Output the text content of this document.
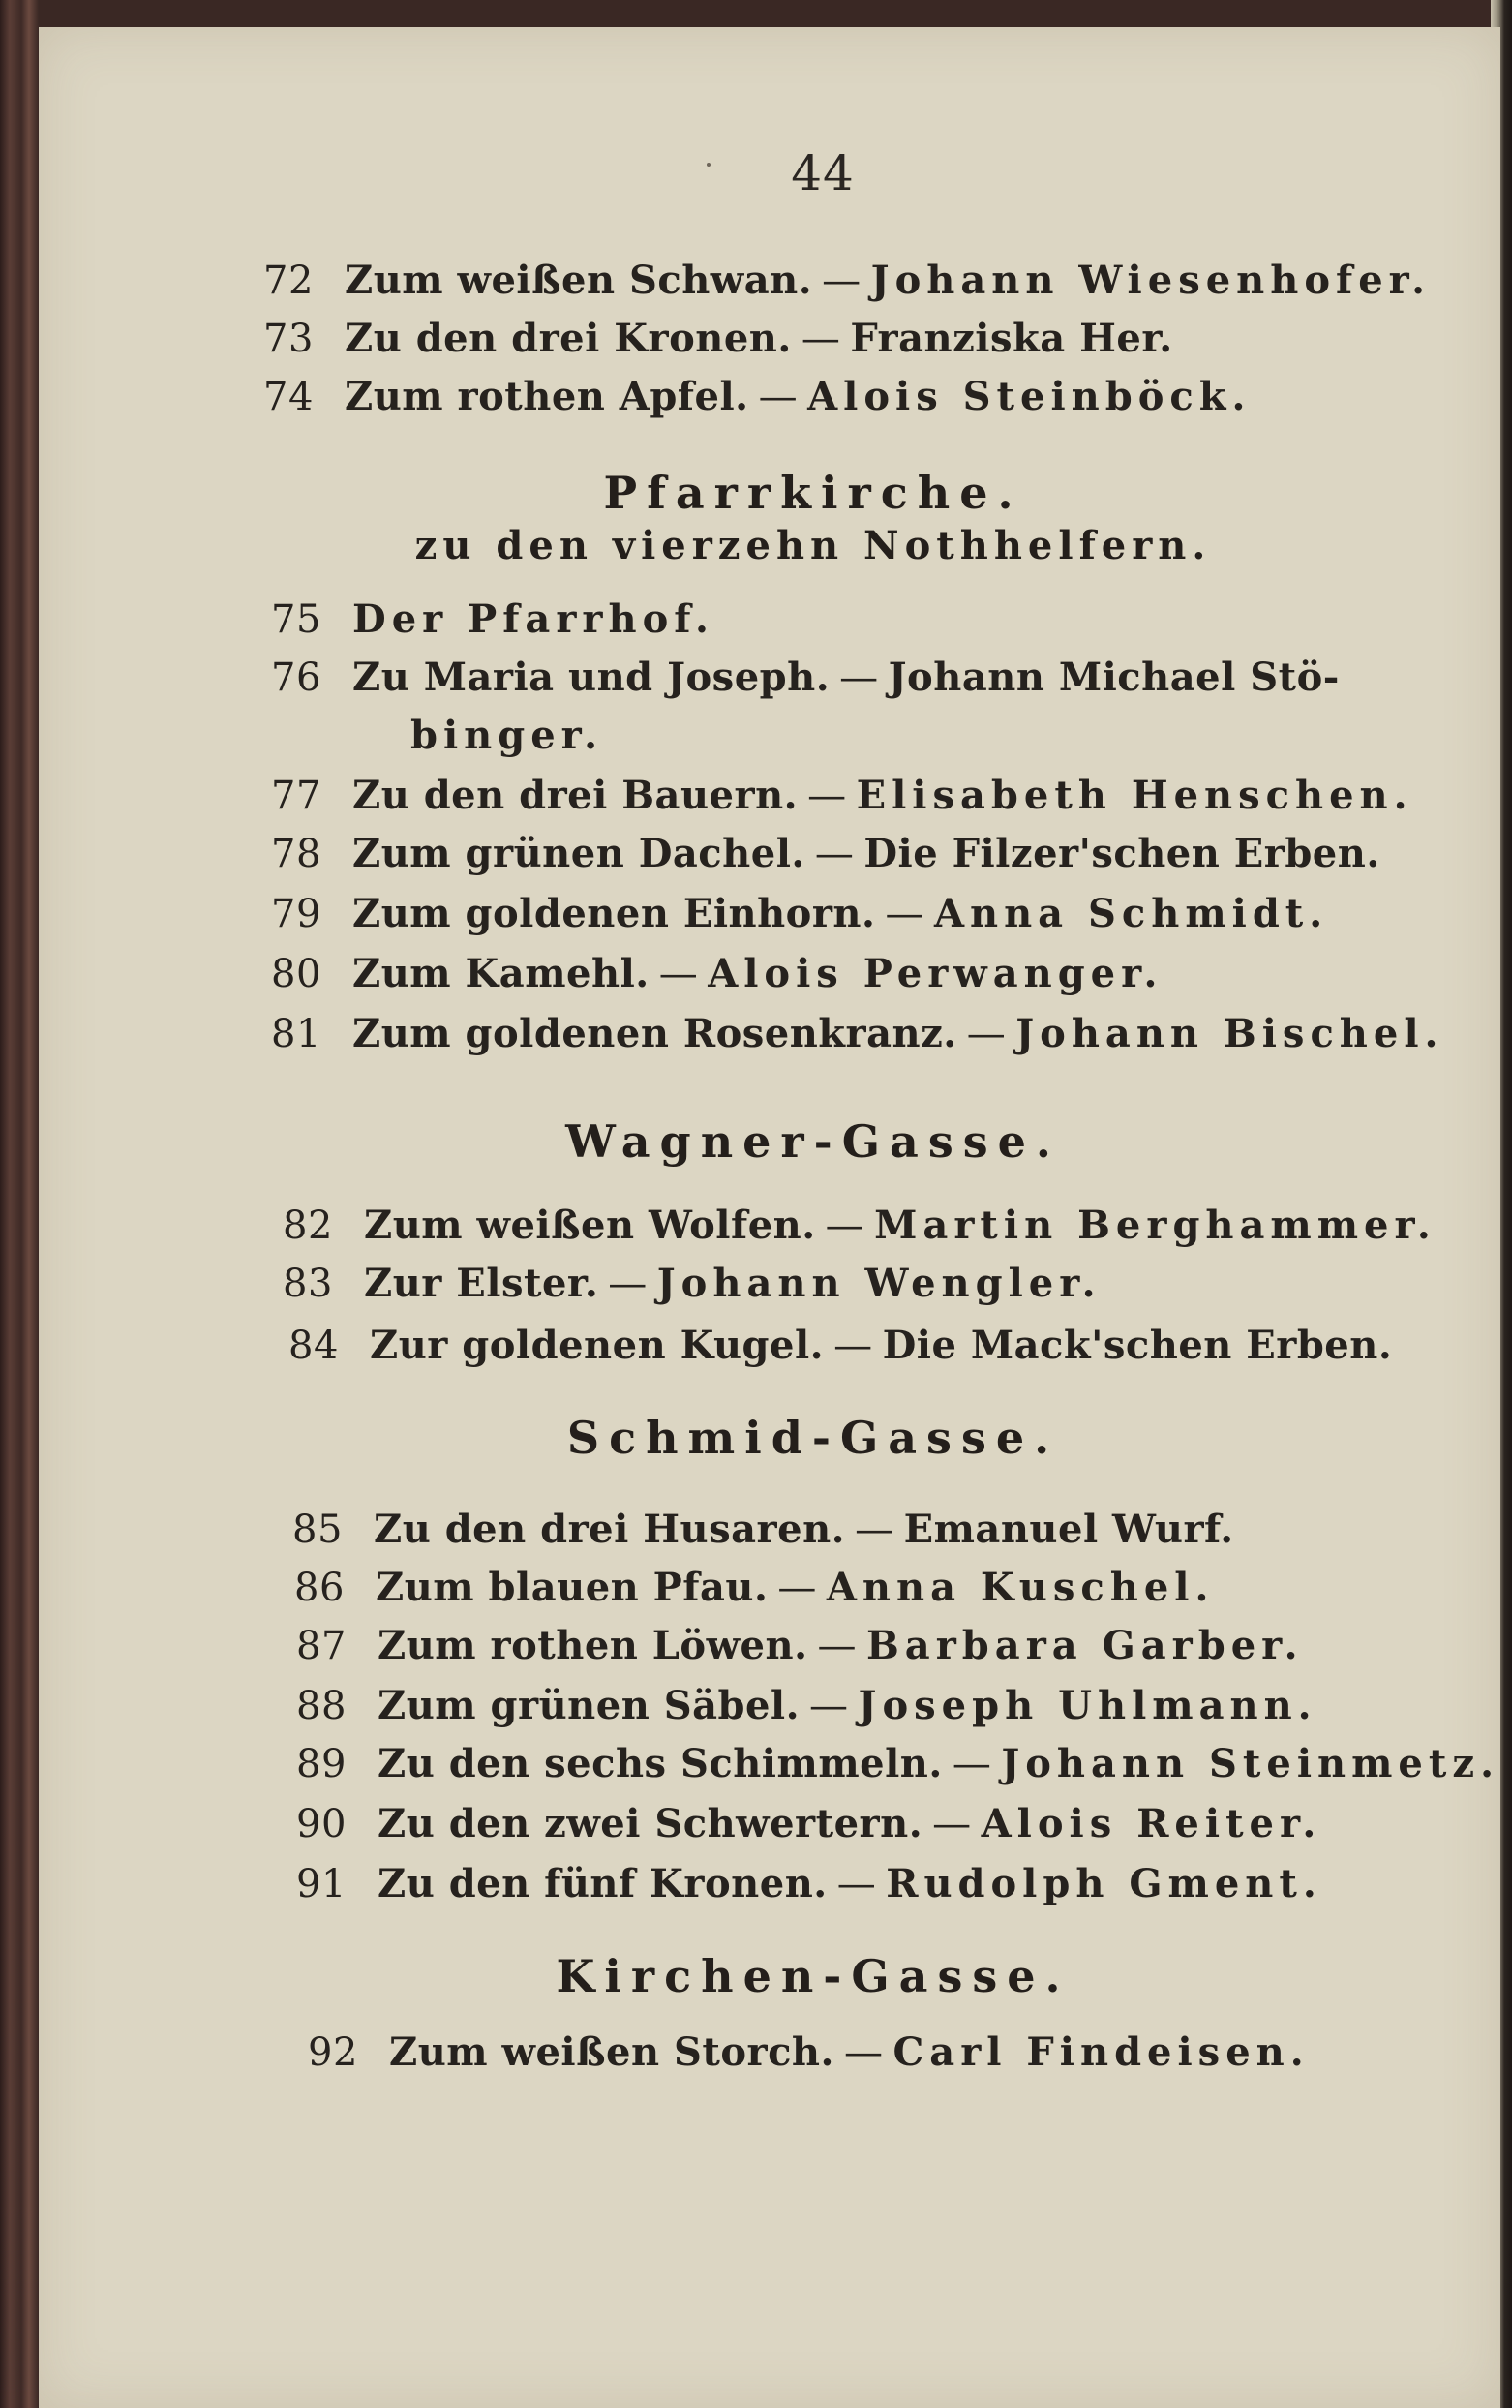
44
72 Zum weißen Schwan. — Johann Wiesenhofer.
73 Zu den drei Kronen. — Franziska Her.
74 Zum rothen Apfel. — Alois Steinböck.
Pfarrkirche.
zu den vierzehn Nothhelfern.
75 Der Pfarrhof.
76 Zu Maria und Joseph. — Johann Michael Stö-
binger.
77 Zu den drei Bauern. — Elisabeth Henschen.
78 Zum grünen Dachel. — Die Filzer'schen Erben.
79 Zum goldenen Einhorn. — Anna Schmidt.
80 Zum Kamehl. — Alois Perwanger.
81 Zum goldenen Rosenkranz. — Johann Bischel.
Wagner-Gasse.
82 Zum weißen Wolfen. — Martin Berghammer.
83 Zur Elster. — Johann Wengler.
84 Zur goldenen Kugel. — Die Mack'schen Erben.
Schmid-Gasse.
85 Zu den drei Husaren. — Emanuel Wurf.
86 Zum blauen Pfau. — Anna Kuschel.
87 Zum rothen Löwen. — Barbara Garber.
88 Zum grünen Säbel. — Joseph Uhlmann.
89 Zu den sechs Schimmeln. — Johann Steinmetz.
90 Zu den zwei Schwertern. — Alois Reiter.
91 Zu den fünf Kronen. — Rudolph Gment.
Kirchen-Gasse.
92 Zum weißen Storch. — Carl Findeisen.
